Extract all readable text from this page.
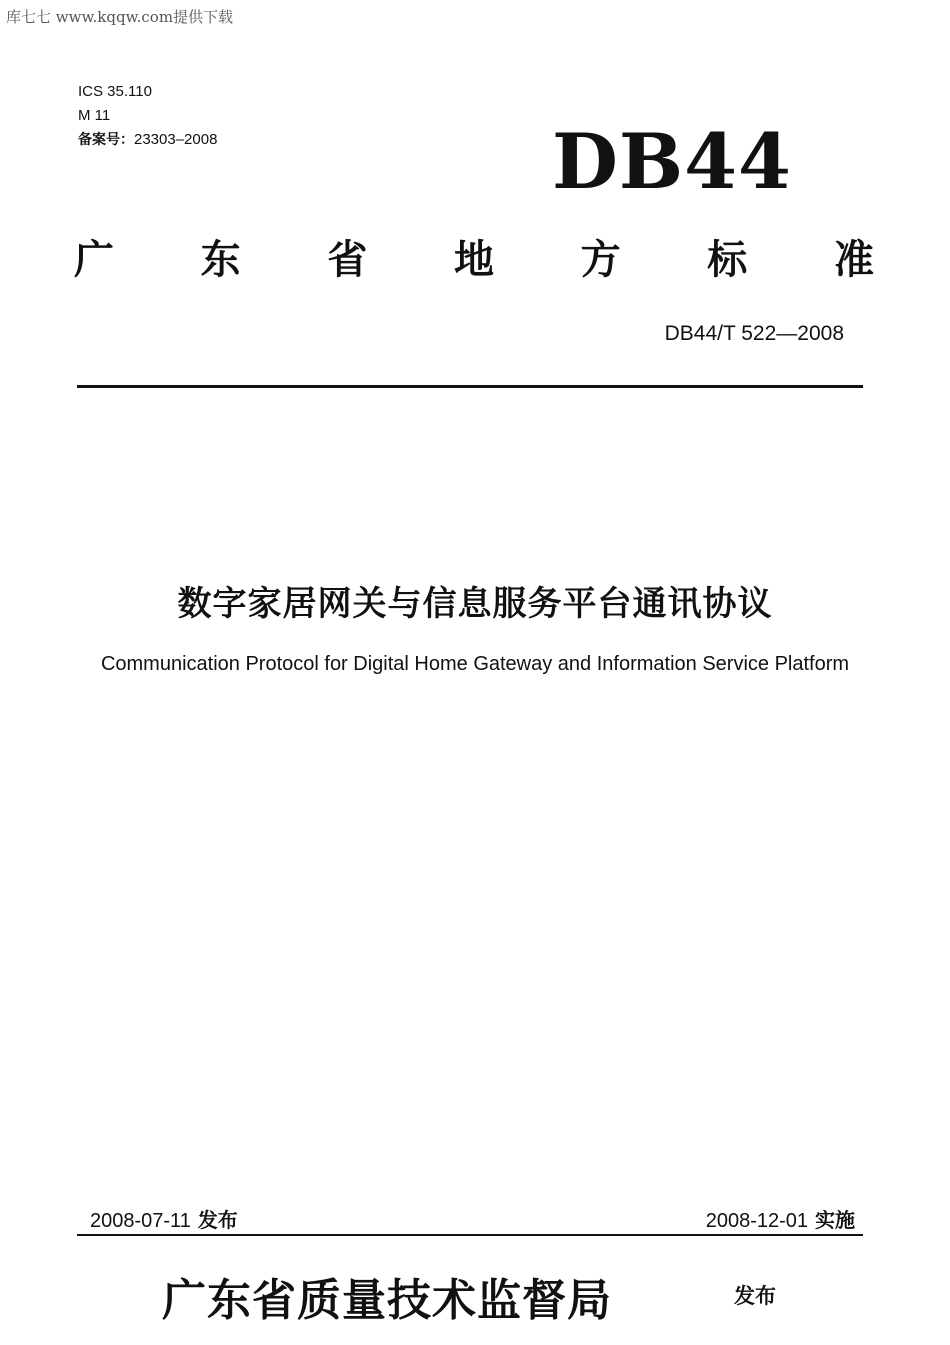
库七七 www.kqqw.com提供下载
ICS 35.110
M 11
备案号：23303–2008	DB44
广 东 省 地 方 标 准
DB44/T 522—2008
数字家居网关与信息服务平台通讯协议
Communication Protocol for Digital Home Gateway and Information Service Platform
2008-07-11 发布	2008-12-01 实施
广东省质量技术监督局	发布
